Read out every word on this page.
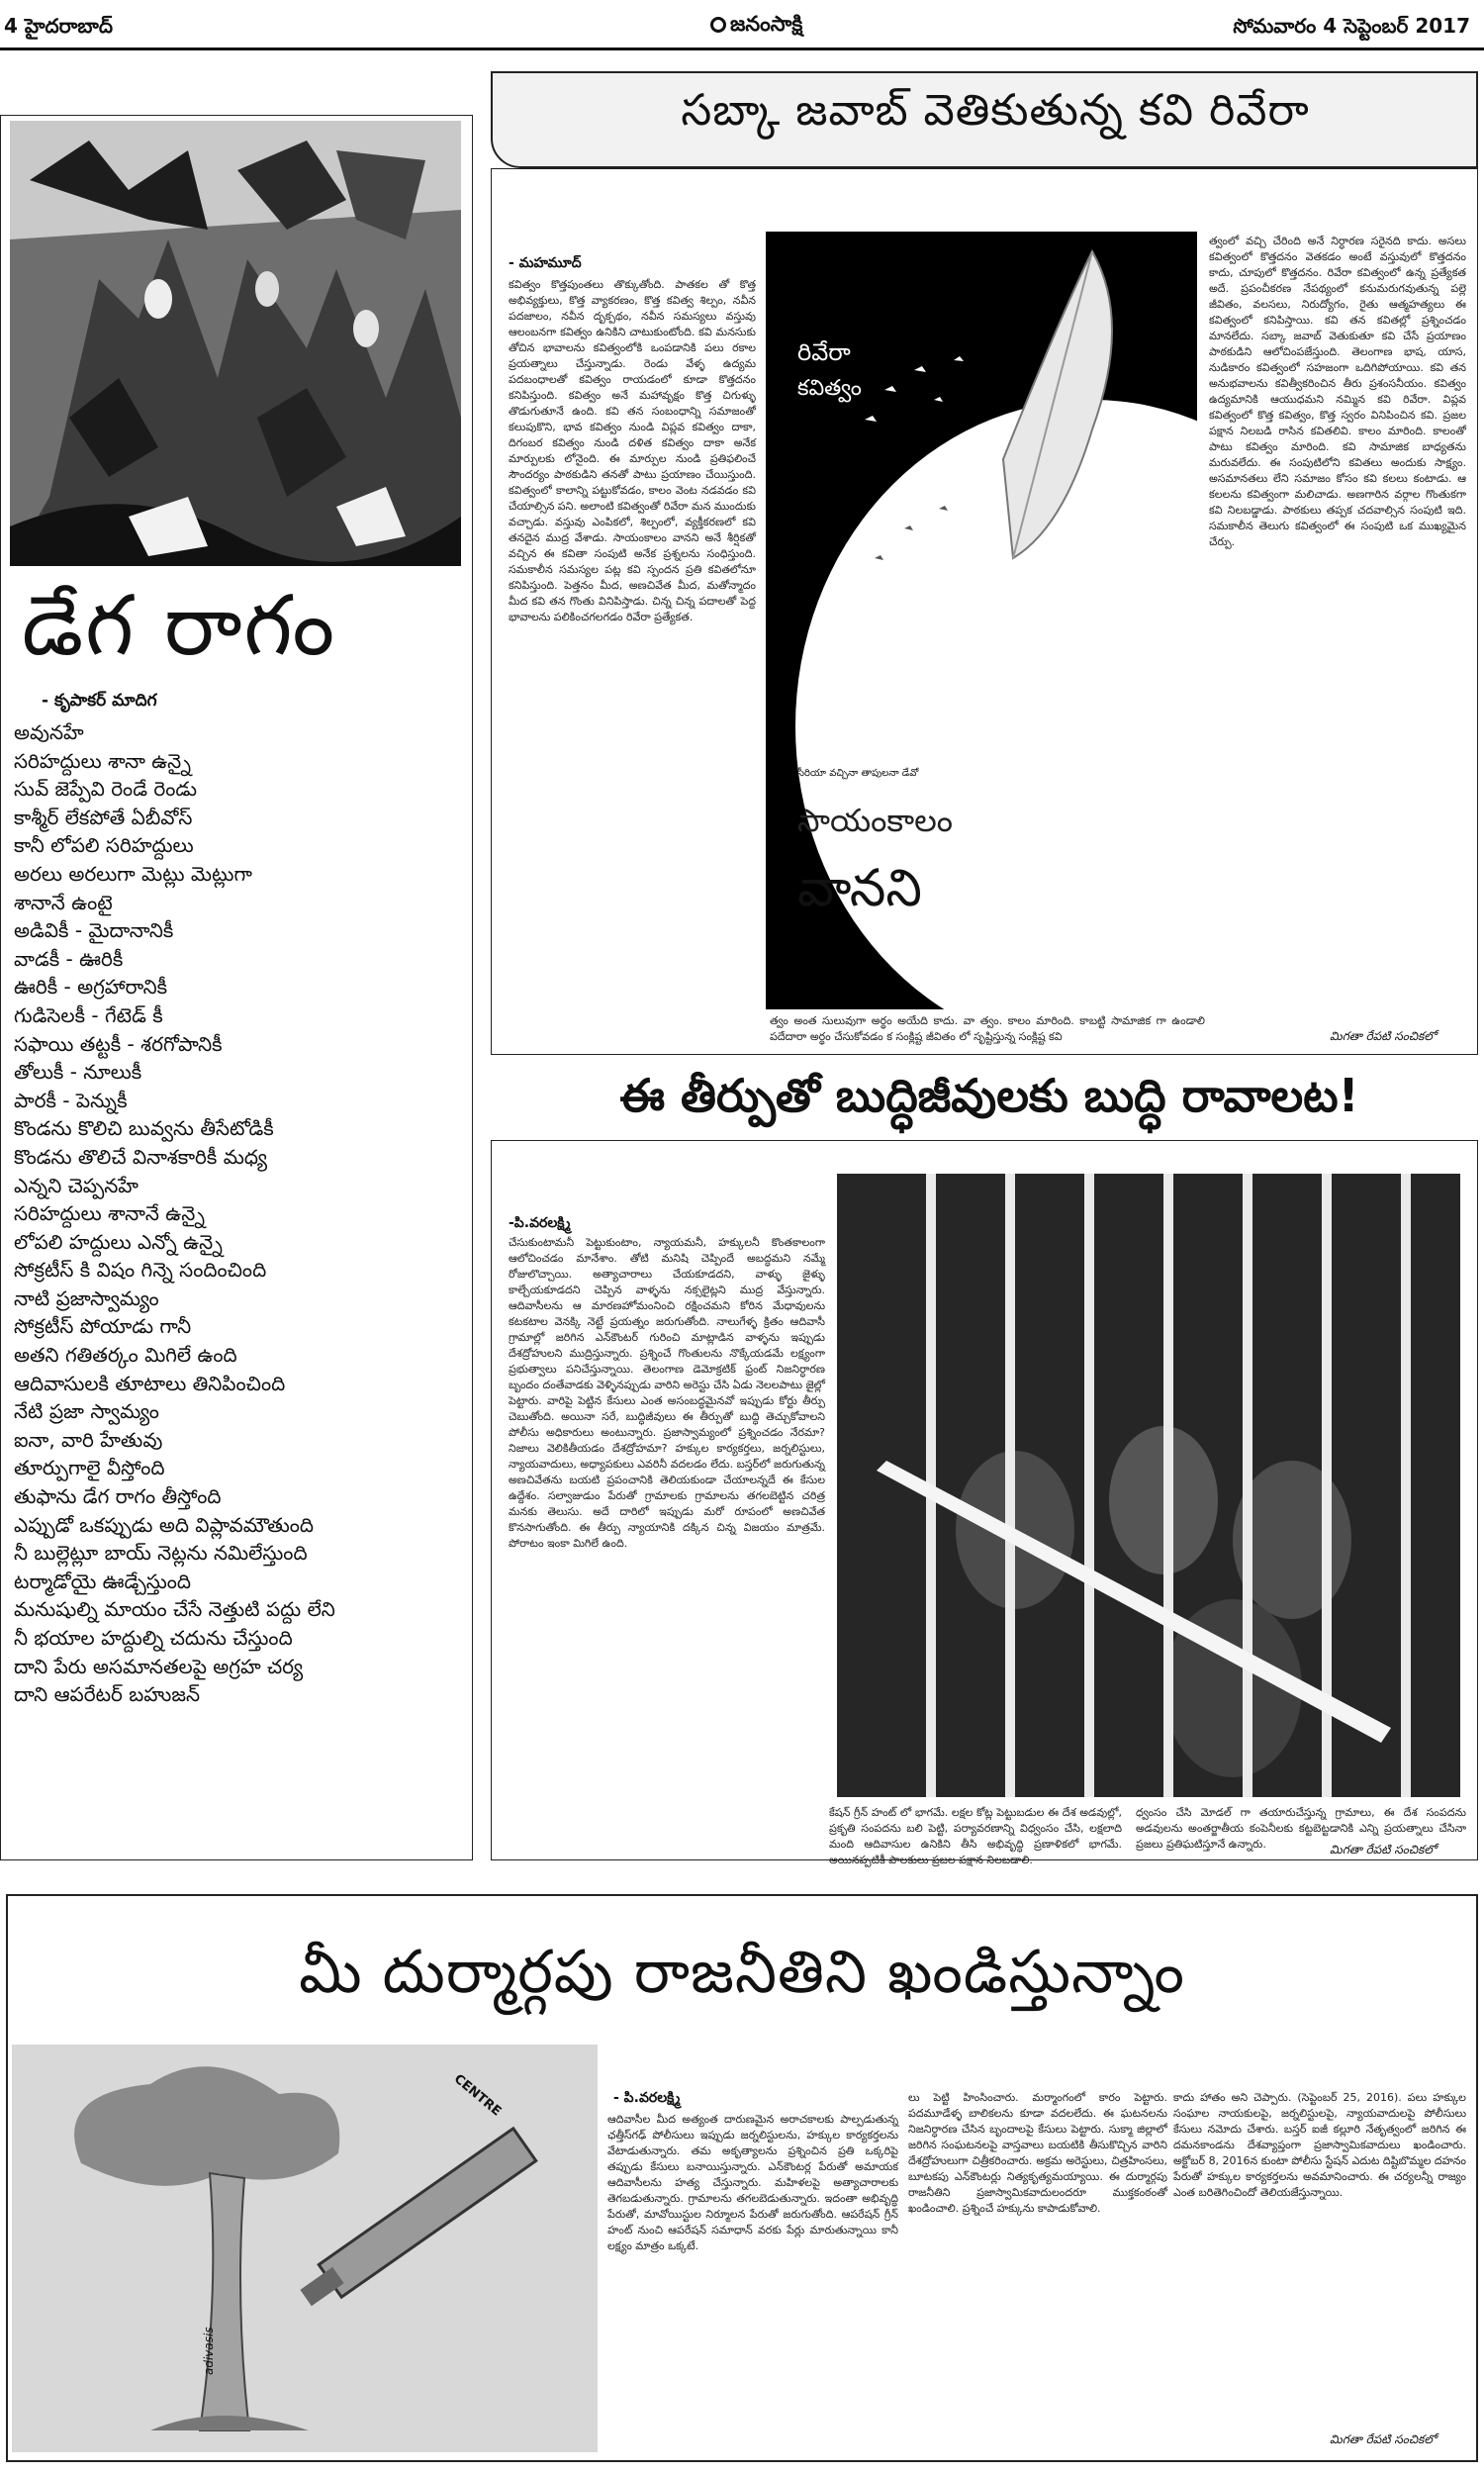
4 హైదరాబాద్	జనంసాక్షి	సోమవారం 4 సెప్టెంబర్ 2017
డేగ రాగం
- కృపాకర్ మాదిగ
అవునహే
సరిహద్దులు శానా ఉన్నై
సువ్ జెప్పేవి రెండే రెండు
కాశ్మీర్ లేకపోతే ఏబీవోస్
కానీ లోపలి సరిహద్దులు
అరలు అరలుగా మెట్లు మెట్లుగా
శానానే ఉంటై
అడివికీ - మైదానానికీ
వాడకీ - ఊరికీ
ఊరికీ - అగ్రహారానికీ
గుడిసెలకీ - గేటెడ్ కీ
సఫాయి తట్టకీ - శరగోపానికీ
తోలుకీ - నూలుకీ
పారకీ - పెన్నుకీ
కొండను కొలిచి బువ్వను తీసేటోడికీ
కొండను తొలిచే వినాశకారికీ మధ్య
ఎన్నని చెప్పనహే
సరిహద్దులు శానానే ఉన్నై
లోపలి హద్దులు ఎన్నో ఉన్నై
సోక్రటీస్ కి విషం గిన్నె సందించింది
నాటి ప్రజాస్వామ్యం
సోక్రటీస్ పోయాడు గానీ
అతని గతితర్కం మిగిలే ఉంది
ఆదివాసులకి తూటాలు తినిపించింది
నేటి ప్రజా స్వామ్యం
ఐనా, వారి హేతువు
తూర్పుగాలై వీస్తోంది
తుఫాను డేగ రాగం తీస్తోంది
ఎప్పుడో ఒకప్పుడు అది విప్లావమౌతుంది
నీ బుల్లెట్లూ బాయ్ నెట్లను నమిలేస్తుంది
టర్మాడోయై ఊడ్చేస్తుంది
మనుషుల్ని మాయం చేసే నెత్తుటి పద్దు లేని
నీ భయాల హద్దుల్ని చదును చేస్తుంది
దాని పేరు అసమానతలపై అగ్రహ చర్య
దాని ఆపరేటర్ బహుజన్
సబ్కా జవాబ్ వెతికుతున్న కవి రివేరా
- మహమూద్
కవిత్వం కొత్తపుంతలు తొక్కుతోంది. పాతకల తో కొత్త అభివ్యక్తులు, కొత్త వ్యాకరణం, కొత్త కవిత్వ శిల్పం, నవీన పదజాలం, నవీన దృక్పథం, నవీన సమస్యలు వస్తువు ఆలంబనగా కవిత్వం ఉనికిని చాటుకుంటోంది. కవి మనసుకు తోచిన భావాలను కవిత్వంలోకి ఒంపడానికి పలు రకాల ప్రయత్నాలు చేస్తున్నాడు. రెండు వేళ్ళ ఉద్యమ పదబంధాలతో కవిత్వం రాయడంలో కూడా కొత్తదనం కనిపిస్తుంది. కవిత్వం అనే మహావృక్షం కొత్త చిగుళ్ళు తొడుగుతూనే ఉంది. కవి తన సంబంధాన్ని సమాజంతో కలుపుకొని, భావ కవిత్వం నుండి విప్లవ కవిత్వం దాకా, దిగంబర కవిత్వం నుండి దళిత కవిత్వం దాకా అనేక మార్పులకు లోనైంది. ఈ మార్పుల నుండి ప్రతిఫలించే సౌందర్యం పాఠకుడిని తనతో పాటు ప్రయాణం చేయిస్తుంది. కవిత్వంలో కాలాన్ని పట్టుకోవడం, కాలం వెంట నడవడం కవి చేయాల్సిన పని. అలాంటి కవిత్వంతో రివేరా మన ముందుకు వచ్చాడు. వస్తువు ఎంపికలో, శిల్పంలో, వ్యక్తీకరణలో కవి తనదైన ముద్ర వేశాడు. సాయంకాలం వానని అనే శీర్షికతో వచ్చిన ఈ కవితా సంపుటి అనేక ప్రశ్నలను సంధిస్తుంది. సమకాలీన సమస్యల పట్ల కవి స్పందన ప్రతి కవితలోనూ కనిపిస్తుంది. పెత్తనం మీద, అణచివేత మీద, మతోన్మాదం మీద కవి తన గొంతు వినిపిస్తాడు. చిన్న చిన్న పదాలతో పెద్ద భావాలను పలికించగలగడం రివేరా ప్రత్యేకత.
రివేరా
కవిత్వం
సీరియా వచ్చినా తాపులనా డేవో
సాయంకాలం
వానని
త్వంలో వచ్చి చేరింది అనే నిర్ధారణ సరైనది కాదు. అసలు కవిత్వంలో కొత్తదనం వెతకడం అంటే వస్తువులో కొత్తదనం కాదు, చూపులో కొత్తదనం. రివేరా కవిత్వంలో ఉన్న ప్రత్యేకత అదే. ప్రపంచీకరణ నేపథ్యంలో కనుమరుగవుతున్న పల్లె జీవితం, వలసలు, నిరుద్యోగం, రైతు ఆత్మహత్యలు ఈ కవిత్వంలో కనిపిస్తాయి. కవి తన కవితల్లో ప్రశ్నించడం మానలేదు. సబ్కా జవాబ్ వెతుకుతూ కవి చేసే ప్రయాణం పాఠకుడిని ఆలోచింపజేస్తుంది. తెలంగాణ భాష, యాస, నుడికారం కవిత్వంలో సహజంగా ఒదిగిపోయాయి. కవి తన అనుభవాలను కవిత్వీకరించిన తీరు ప్రశంసనీయం. కవిత్వం ఉద్యమానికి ఆయుధమని నమ్మిన కవి రివేరా. విప్లవ కవిత్వంలో కొత్త కవిత్వం, కొత్త స్వరం వినిపించిన కవి. ప్రజల పక్షాన నిలబడి రాసిన కవితలివి. కాలం మారింది. కాలంతో పాటు కవిత్వం మారింది. కవి సామాజిక బాధ్యతను మరువలేదు. ఈ సంపుటిలోని కవితలు అందుకు సాక్ష్యం. అసమానతలు లేని సమాజం కోసం కవి కలలు కంటాడు. ఆ కలలను కవిత్వంగా మలిచాడు. అణగారిన వర్గాల గొంతుకగా కవి నిలబడ్డాడు. పాఠకులు తప్పక చదవాల్సిన సంపుటి ఇది. సమకాలీన తెలుగు కవిత్వంలో ఈ సంపుటి ఒక ముఖ్యమైన చేర్పు.
త్వం అంత సులువుగా అర్థం అయేది కాదు. వా త్వం. కాలం మారింది. కాబట్టి సామాజిక గా ఉండాలి పదేదారా అర్థం చేసుకోవడం క సంక్లిష్ట జీవితం లో సృష్టిస్తున్న సంక్లిష్ట కవి	మిగతా రేపటి సంచికలో
ఈ తీర్పుతో బుద్ధిజీవులకు బుద్ధి రావాలట!
-పి.వరలక్ష్మి
చేసుకుంటామనీ పెట్టుకుంటాం, న్యాయమనీ, హక్కులనీ కొంతకాలంగా ఆలోచించడం మానేశాం. తోటి మనిషి చెప్పిందే అబద్ధమని నమ్మే రోజులొచ్చాయి. అత్యాచారాలు చేయకూడదని, వాళ్ళు జైళ్ళు కాల్చేయకూడదని చెప్పిన వాళ్ళను నక్సలైట్లని ముద్ర వేస్తున్నారు. ఆదివాసీలను ఆ మారణహోమంనించి రక్షించమని కోరిన మేధావులను కటకటాల వెనక్కి నెట్టే ప్రయత్నం జరుగుతోంది. నాలుగేళ్ళ క్రితం ఆదివాసీ గ్రామాల్లో జరిగిన ఎన్‌కౌంటర్ గురించి మాట్లాడిన వాళ్ళను ఇప్పుడు దేశద్రోహులని ముద్రిస్తున్నారు. ప్రశ్నించే గొంతులను నొక్కేయడమే లక్ష్యంగా ప్రభుత్వాలు పనిచేస్తున్నాయి. తెలంగాణ డెమోక్రటిక్ ఫ్రంట్ నిజనిర్ధారణ బృందం దంతేవాడకు వెళ్ళినప్పుడు వారిని అరెస్టు చేసి ఏడు నెలలపాటు జైల్లో పెట్టారు. వారిపై పెట్టిన కేసులు ఎంత అసంబద్ధమైనవో ఇప్పుడు కోర్టు తీర్పు చెబుతోంది. అయినా సరే, బుద్ధిజీవులు ఈ తీర్పుతో బుద్ధి తెచ్చుకోవాలని పోలీసు అధికారులు అంటున్నారు. ప్రజాస్వామ్యంలో ప్రశ్నించడం నేరమా? నిజాలు వెలికితీయడం దేశద్రోహమా? హక్కుల కార్యకర్తలు, జర్నలిస్టులు, న్యాయవాదులు, అధ్యాపకులు ఎవరినీ వదలడం లేదు. బస్తర్‌లో జరుగుతున్న అణచివేతను బయటి ప్రపంచానికి తెలియకుండా చేయాలన్నదే ఈ కేసుల ఉద్దేశం. సల్వాజుడుం పేరుతో గ్రామాలకు గ్రామాలను తగలబెట్టిన చరిత్ర మనకు తెలుసు. అదే దారిలో ఇప్పుడు మరో రూపంలో అణచివేత కొనసాగుతోంది. ఈ తీర్పు న్యాయానికి దక్కిన చిన్న విజయం మాత్రమే. పోరాటం ఇంకా మిగిలే ఉంది.
కేషన్ గ్రీన్ హంట్ లో భాగమే. లక్షల కోట్ల పెట్టుబడుల ఈ దేశ అడవుల్లో, ప్రకృతి సంపదను బలి పెట్టి, పర్యావరణాన్ని విధ్వంసం చేసి, లక్షలాది మంది ఆదివాసుల ఉనికిని తీసి అభివృద్ధి ప్రణాళికలో భాగమే. అయినప్పటికీ పాలకులు ప్రజల పక్షాన నిలబడాలి.
ధ్వంసం చేసి మోడల్ గా తయారుచేస్తున్న గ్రామాలు, ఈ దేశ సంపదను అడవులను అంతర్జాతీయ కంపెనీలకు కట్టబెట్టడానికి ఎన్ని ప్రయత్నాలు చేసినా ప్రజలు ప్రతిఘటిస్తూనే ఉన్నారు.	మిగతా రేపటి సంచికలో
మీ దుర్మార్గపు రాజనీతిని ఖండిస్తున్నాం
CENTRE
adivasis
- పి.వరలక్ష్మి
ఆదివాసీల మీద అత్యంత దారుణమైన అరాచకాలకు పాల్పడుతున్న ఛత్తీస్‌గఢ్ పోలీసులు ఇప్పుడు జర్నలిస్టులను, హక్కుల కార్యకర్తలను వేటాడుతున్నారు. తమ అకృత్యాలను ప్రశ్నించిన ప్రతి ఒక్కరిపై తప్పుడు కేసులు బనాయిస్తున్నారు. ఎన్‌కౌంటర్ల పేరుతో అమాయక ఆదివాసీలను హత్య చేస్తున్నారు. మహిళలపై అత్యాచారాలకు తెగబడుతున్నారు. గ్రామాలను తగలబెడుతున్నారు. ఇదంతా అభివృద్ధి పేరుతో, మావోయిస్టుల నిర్మూలన పేరుతో జరుగుతోంది. ఆపరేషన్ గ్రీన్ హంట్ నుంచి ఆపరేషన్ సమాధాన్ వరకు పేర్లు మారుతున్నాయి కానీ లక్ష్యం మాత్రం ఒక్కటే.
లు పెట్టి హింసించారు. మర్మాంగంలో కారం పెట్టారు. పదమూడేళ్ళ బాలికలను కూడా వదలలేదు. ఈ ఘటనలను నిజనిర్ధారణ చేసిన బృందాలపై కేసులు పెట్టారు. సుక్మా జిల్లాలో జరిగిన సంఘటనలపై వాస్తవాలు బయటికి తీసుకొచ్చిన వారిని దేశద్రోహులుగా చిత్రీకరించారు. అక్రమ అరెస్టులు, చిత్రహింసలు, బూటకపు ఎన్‌కౌంటర్లు నిత్యకృత్యమయ్యాయి. ఈ దుర్మార్గపు రాజనీతిని ప్రజాస్వామికవాదులందరూ ముక్తకంఠంతో ఖండించాలి. ప్రశ్నించే హక్కును కాపాడుకోవాలి.
కాదు హాతం అని చెప్పారు. (సెప్టెంబర్ 25, 2016). పలు హక్కుల సంఘాల నాయకులపై, జర్నలిస్టులపై, న్యాయవాదులపై పోలీసులు కేసులు నమోదు చేశారు. బస్తర్ ఐజీ కల్లూరి నేతృత్వంలో జరిగిన ఈ దమనకాండను దేశవ్యాప్తంగా ప్రజాస్వామికవాదులు ఖండించారు. అక్టోబర్ 8, 2016న కుంటా పోలీసు స్టేషన్ ఎదుట దిష్టిబొమ్మల దహనం పేరుతో హక్కుల కార్యకర్తలను అవమానించారు. ఈ చర్యలన్నీ రాజ్యం ఎంత బరితెగించిందో తెలియజేస్తున్నాయి.
మిగతా రేపటి సంచికలో
